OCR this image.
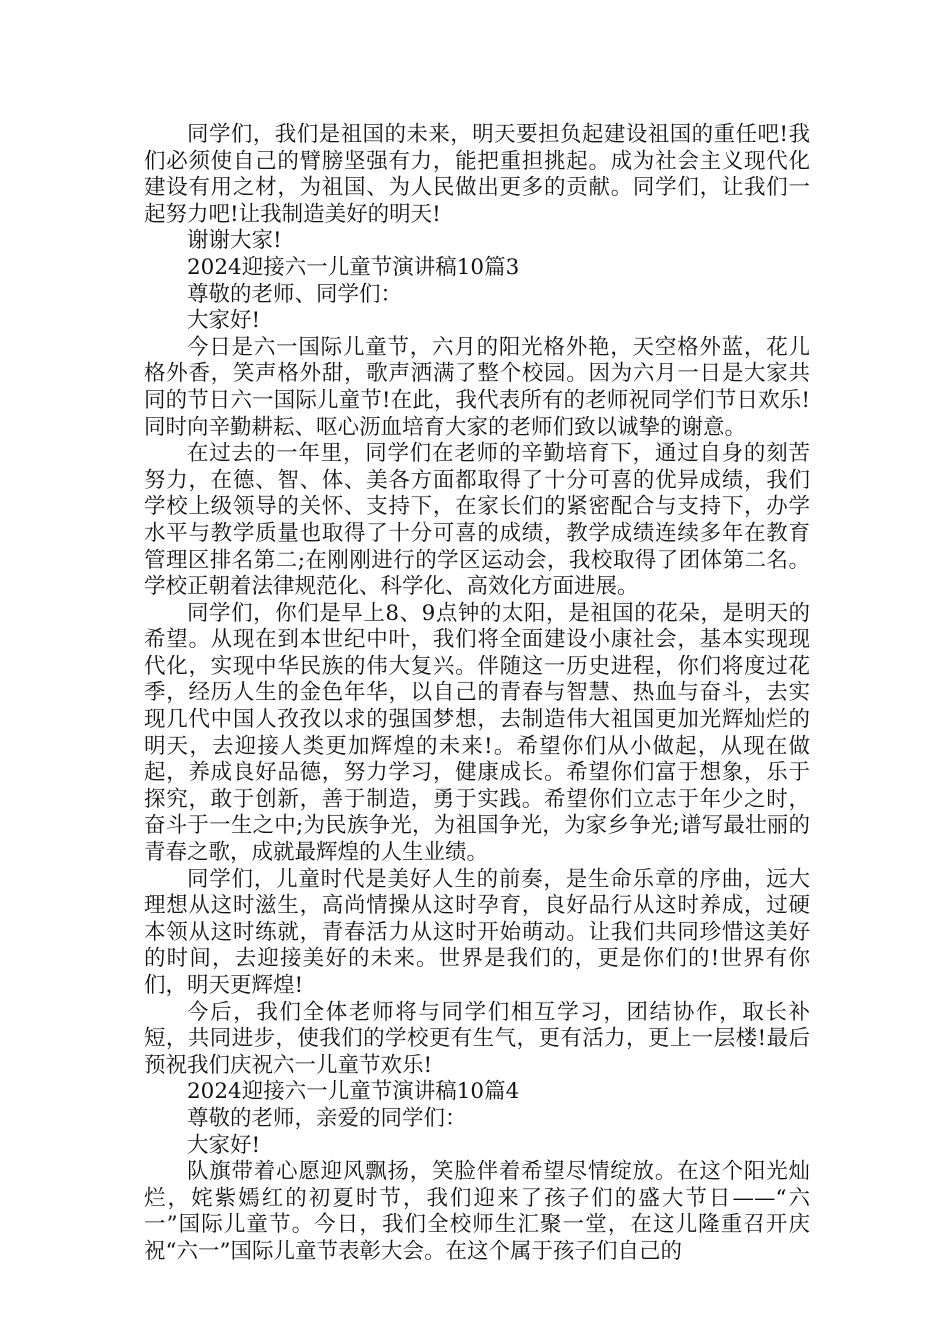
同学们，我们是祖国的未来，明天要担负起建设祖国的重任吧!我们必须使自己的臂膀坚强有力，能把重担挑起。成为社会主义现代化建设有用之材，为祖国、为人民做出更多的贡献。同学们，让我们一起努力吧!让我制造美好的明天!

谢谢大家!

2024迎接六一儿童节演讲稿10篇3

尊敬的老师、同学们：

大家好!

今日是六一国际儿童节，六月的阳光格外艳，天空格外蓝，花儿格外香，笑声格外甜，歌声洒满了整个校园。因为六月一日是大家共同的节日六一国际儿童节!在此，我代表所有的老师祝同学们节日欢乐!同时向辛勤耕耘、呕心沥血培育大家的老师们致以诚挚的谢意。

在过去的一年里，同学们在老师的辛勤培育下，通过自身的刻苦努力，在德、智、体、美各方面都取得了十分可喜的优异成绩，我们学校上级领导的关怀、支持下，在家长们的紧密配合与支持下，办学水平与教学质量也取得了十分可喜的成绩，教学成绩连续多年在教育管理区排名第二;在刚刚进行的学区运动会，我校取得了团体第二名。学校正朝着法律规范化、科学化、高效化方面进展。

同学们，你们是早上8、9点钟的太阳，是祖国的花朵，是明天的希望。从现在到本世纪中叶，我们将全面建设小康社会，基本实现现代化，实现中华民族的伟大复兴。伴随这一历史进程，你们将度过花季，经历人生的金色年华，以自己的青春与智慧、热血与奋斗，去实现几代中国人孜孜以求的强国梦想，去制造伟大祖国更加光辉灿烂的明天，去迎接人类更加辉煌的未来!。希望你们从小做起，从现在做起，养成良好品德，努力学习，健康成长。希望你们富于想象，乐于探究，敢于创新，善于制造，勇于实践。希望你们立志于年少之时，奋斗于一生之中;为民族争光，为祖国争光，为家乡争光;谱写最壮丽的青春之歌，成就最辉煌的人生业绩。

同学们，儿童时代是美好人生的前奏，是生命乐章的序曲，远大理想从这时滋生，高尚情操从这时孕育，良好品行从这时养成，过硬本领从这时练就，青春活力从这时开始萌动。让我们共同珍惜这美好的时间，去迎接美好的未来。世界是我们的，更是你们的!世界有你们，明天更辉煌!

今后，我们全体老师将与同学们相互学习，团结协作，取长补短，共同进步，使我们的学校更有生气，更有活力，更上一层楼!最后预祝我们庆祝六一儿童节欢乐!

2024迎接六一儿童节演讲稿10篇4

尊敬的老师，亲爱的同学们：

大家好!

队旗带着心愿迎风飘扬，笑脸伴着希望尽情绽放。在这个阳光灿烂，姹紫嫣红的初夏时节，我们迎来了孩子们的盛大节日——“六一”国际儿童节。今日，我们全校师生汇聚一堂，在这儿隆重召开庆祝“六一”国际儿童节表彰大会。在这个属于孩子们自己的
